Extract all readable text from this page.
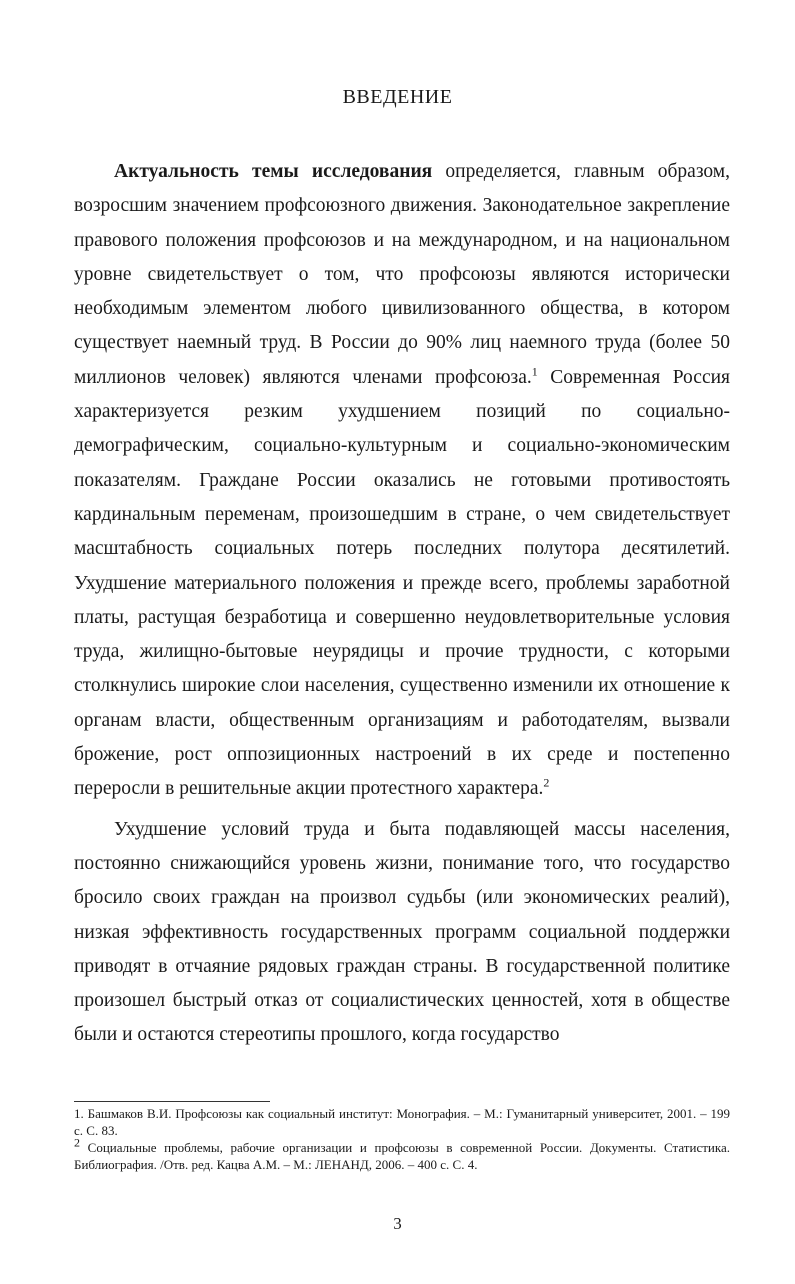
ВВЕДЕНИЕ

Актуальность темы исследования определяется, главным образом, возросшим значением профсоюзного движения. Законодательное закрепление правового положения профсоюзов и на международном, и на национальном уровне свидетельствует о том, что профсоюзы являются исторически необходимым элементом любого цивилизованного общества, в котором существует наемный труд. В России до 90% лиц наемного труда (более 50 миллионов человек) являются членами профсоюза.$^1$ Современная Россия характеризуется резким ухудшением позиций по социально-демографическим, социально-культурным и социально-экономическим показателям. Граждане России оказались не готовыми противостоять кардинальным переменам, произошедшим в стране, о чем свидетельствует масштабность социальных потерь последних полутора десятилетий. Ухудшение материального положения и прежде всего, проблемы заработной платы, растущая безработица и совершенно неудовлетворительные условия труда, жилищно-бытовые неурядицы и прочие трудности, с которыми столкнулись широкие слои населения, существенно изменили их отношение к органам власти, общественным организациям и работодателям, вызвали брожение, рост оппозиционных настроений в их среде и постепенно переросли в решительные акции протестного характера.$^2$

Ухудшение условий труда и быта подавляющей массы населения, постоянно снижающийся уровень жизни, понимание того, что государство бросило своих граждан на произвол судьбы (или экономических реалий), низкая эффективность государственных программ социальной поддержки приводят в отчаяние рядовых граждан страны. В государственной политике произошел быстрый отказ от социалистических ценностей, хотя в обществе были и остаются стереотипы прошлого, когда государство

1. Башмаков В.И. Профсоюзы как социальный институт: Монография. – М.: Гуманитарный университет, 2001. – 199 с. С. 83.

$^2$ Социальные проблемы, рабочие организации и профсоюзы в современной России. Документы. Статистика. Библиография. /Отв. ред. Кацва А.М. – М.: ЛЕНАНД, 2006. – 400 с. С. 4.

3
